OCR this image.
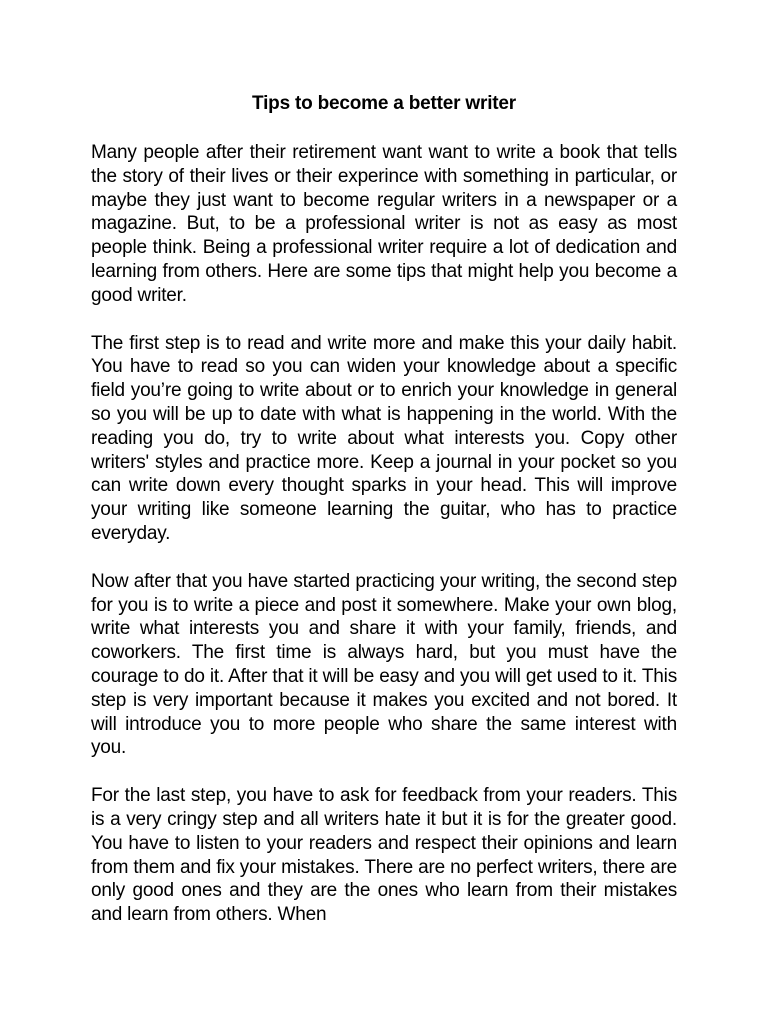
Tips to become a better writer

Many people after their retirement want want to write a book that tells the story of their lives or their experince with something in particular, or maybe they just want to become regular writers in a newspaper or a magazine. But, to be a professional writer is not as easy as most people think. Being a professional writer require a lot of dedication and learning from others. Here are some tips that might help you become a good writer.

The first step is to read and write more and make this your daily habit. You have to read so you can widen your knowledge about a specific field you’re going to write about or to enrich your knowledge in general so you will be up to date with what is happening in the world. With the reading you do, try to write about what interests you. Copy other writers' styles and practice more. Keep a journal in your pocket so you can write down every thought sparks in your head. This will improve your writing like someone learning the guitar, who has to practice everyday.

Now after that you have started practicing your writing, the second step for you is to write a piece and post it somewhere. Make your own blog, write what interests you and share it with your family, friends, and coworkers. The first time is always hard, but you must have the courage to do it. After that it will be easy and you will get used to it. This step is very important because it makes you excited and not bored. It will introduce you to more people who share the same interest with you.

For the last step, you have to ask for feedback from your readers. This is a very cringy step and all writers hate it but it is for the greater good. You have to listen to your readers and respect their opinions and learn from them and fix your mistakes. There are no perfect writers, there are only good ones and they are the ones who learn from their mistakes and learn from others. When
